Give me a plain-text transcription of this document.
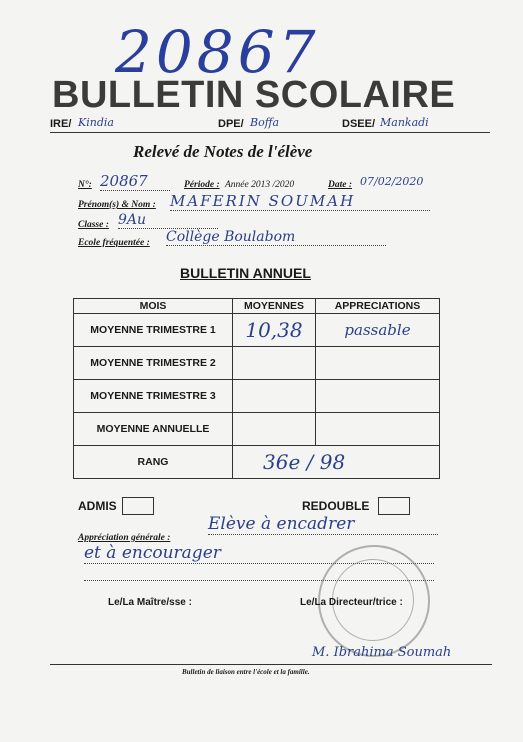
20867
BULLETIN SCOLAIRE
IRE/ Kindia	DPE/ Boffa	DSEE/ Mankadi
Relevé de Notes de l'élève
N°: 20867	Période : Année 2013 /2020	Date : 07/02/2020
Prénom(s) & Nom : MAFERIN SOUMAH
Classe : 9Au
Ecole fréquentée : Collège Boulabom
BULLETIN ANNUEL
MOIS	MOYENNES	APPRECIATIONS
MOYENNE TRIMESTRE 1	10,38	passable
MOYENNE TRIMESTRE 2		
MOYENNE TRIMESTRE 3		
MOYENNE ANNUELLE		
RANG	36e / 98	
ADMIS	REDOUBLE
Appréciation générale :
Elève à encadrer
et à encourager
Le/La Maître/sse :	Le/La Directeur/trice :
M. Ibrahima Soumah
Bulletin de liaison entre l'école et la famille.
